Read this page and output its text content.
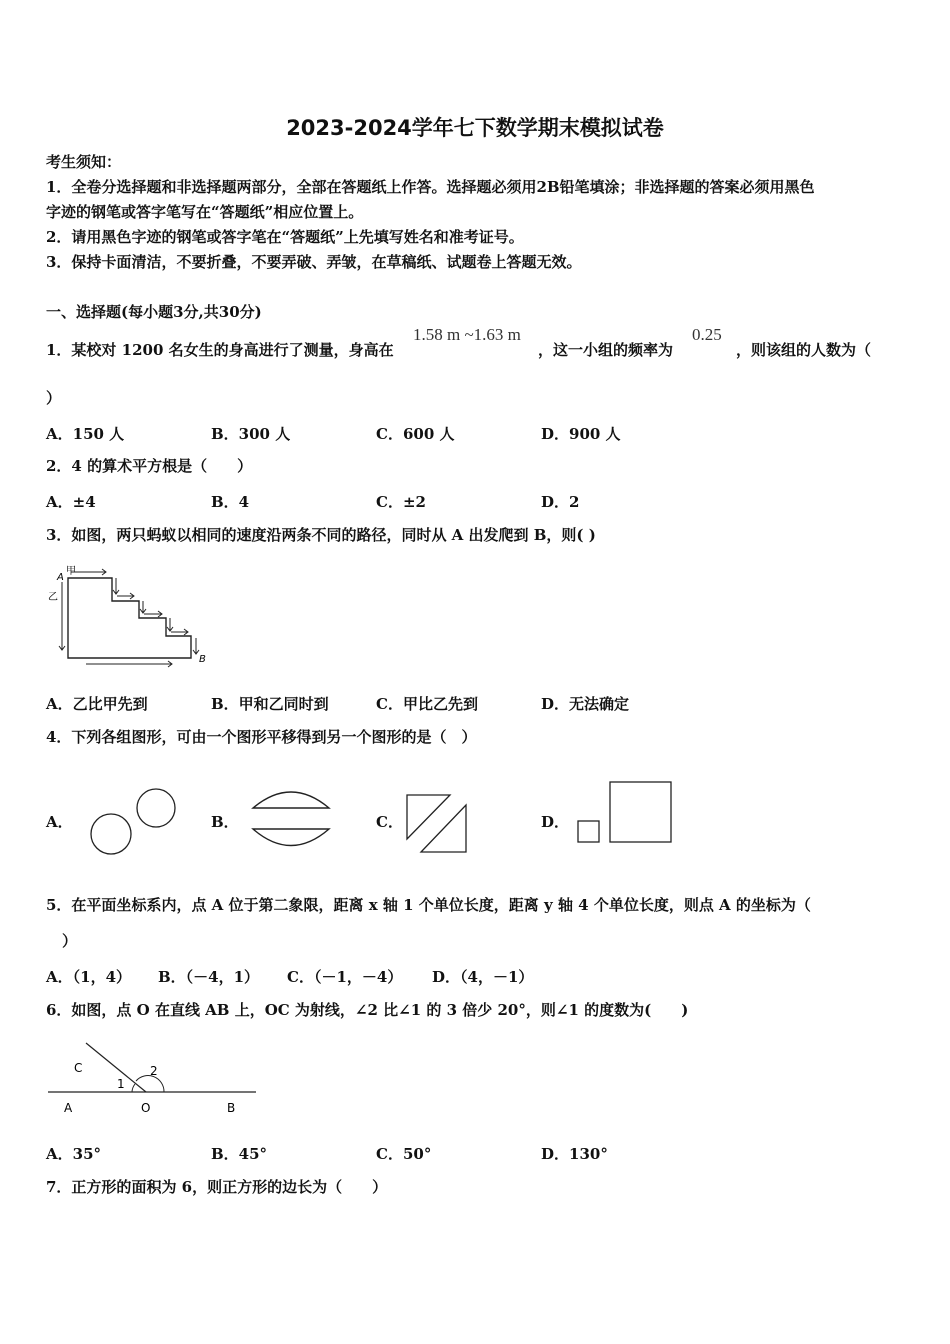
2023-2024学年七下数学期末模拟试卷
考生须知：
1．全卷分选择题和非选择题两部分，全部在答题纸上作答。选择题必须用2B铅笔填涂；非选择题的答案必须用黑色
字迹的钢笔或答字笔写在“答题纸”相应位置上。
2．请用黑色字迹的钢笔或答字笔在“答题纸”上先填写姓名和准考证号。
3．保持卡面清洁，不要折叠，不要弄破、弄皱，在草稿纸、试题卷上答题无效。
一、选择题(每小题3分,共30分)
1．某校对 1200 名女生的身高进行了测量，身高在
1.58 m ~1.63 m
，这一小组的频率为
0.25
，则该组的人数为（
）
A．150 人	B．300 人	C．600 人	D．900 人
2．4 的算术平方根是（　　）
A．±4	B．4	C．±2	D．2
3．如图，两只蚂蚁以相同的速度沿两条不同的路径，同时从 A 出发爬到 B，则( )
A
甲
乙
B
A．乙比甲先到	B．甲和乙同时到	C．甲比乙先到	D．无法确定
4．下列各组图形，可由一个图形平移得到另一个图形的是（　）
A．	B．	C．	D．
5．在平面坐标系内，点 A 位于第二象限，距离 x 轴 1 个单位长度，距离 y 轴 4 个单位长度，则点 A 的坐标为（
）
A．（1，4） B．（－4，1） C．（－1，－4） D．（4，－1）
6．如图，点 O 在直线 AB 上，OC 为射线，∠2 比∠1 的 3 倍少 20°，则∠1 的度数为(　　)
C
1
2
A	O	B
A．35°	B．45°	C．50°	D．130°
7．正方形的面积为 6，则正方形的边长为（　　）
